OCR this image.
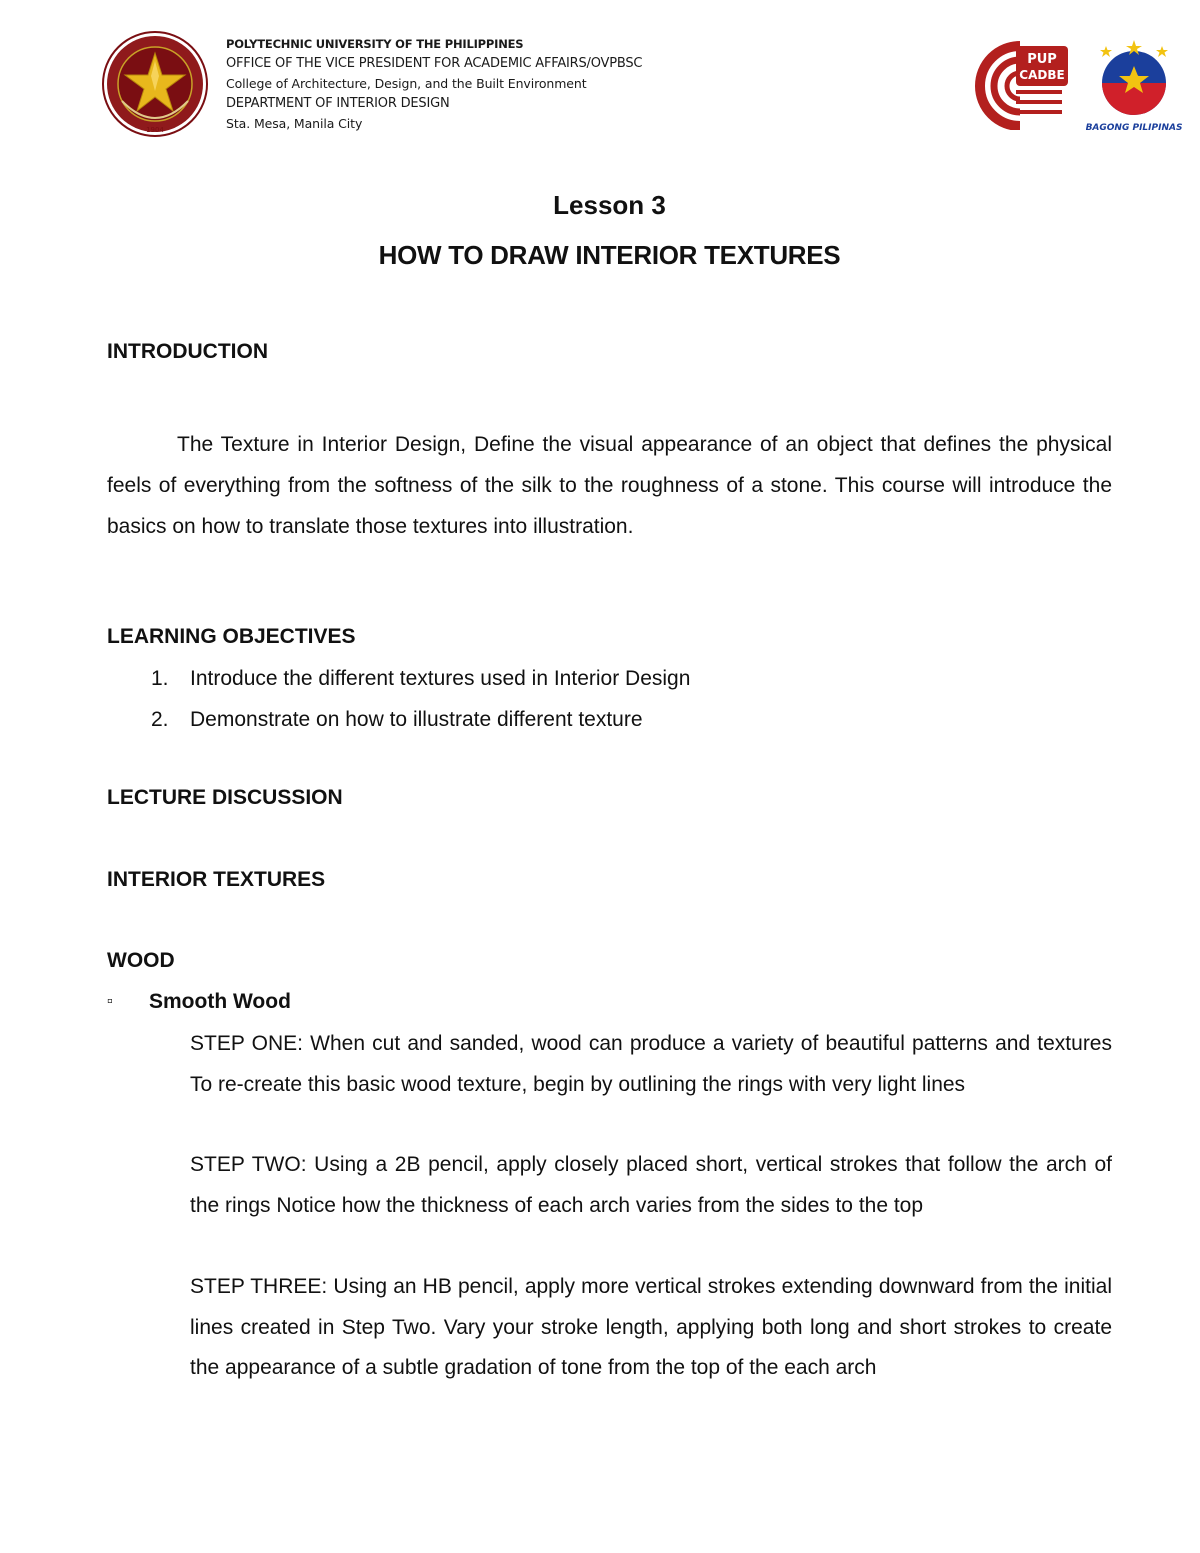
1904
POLYTECHNIC UNIVERSITY OF THE PHILIPPINES
OFFICE OF THE VICE PRESIDENT FOR ACADEMIC AFFAIRS/OVPBSC
College of Architecture, Design, and the Built Environment
DEPARTMENT OF INTERIOR DESIGN
Sta. Mesa, Manila City
PUP
CADBE
BAGONG PILIPINAS
Lesson 3
HOW TO DRAW INTERIOR TEXTURES
INTRODUCTION
The Texture in Interior Design, Define the visual appearance of an object that defines the physical feels of everything from the softness of the silk to the roughness of a stone. This course will introduce the basics on how to translate those textures into illustration.
LEARNING OBJECTIVES
1. Introduce the different textures used in Interior Design
2. Demonstrate on how to illustrate different texture
LECTURE DISCUSSION
INTERIOR TEXTURES
WOOD
▫ Smooth Wood
STEP ONE: When cut and sanded, wood can produce a variety of beautiful patterns and textures To re-create this basic wood texture, begin by outlining the rings with very light lines
STEP TWO: Using a 2B pencil, apply closely placed short, vertical strokes that follow the arch of the rings Notice how the thickness of each arch varies from the sides to the top
STEP THREE: Using an HB pencil, apply more vertical strokes extending downward from the initial lines created in Step Two. Vary your stroke length, applying both long and short strokes to create the appearance of a subtle gradation of tone from the top of the each arch
